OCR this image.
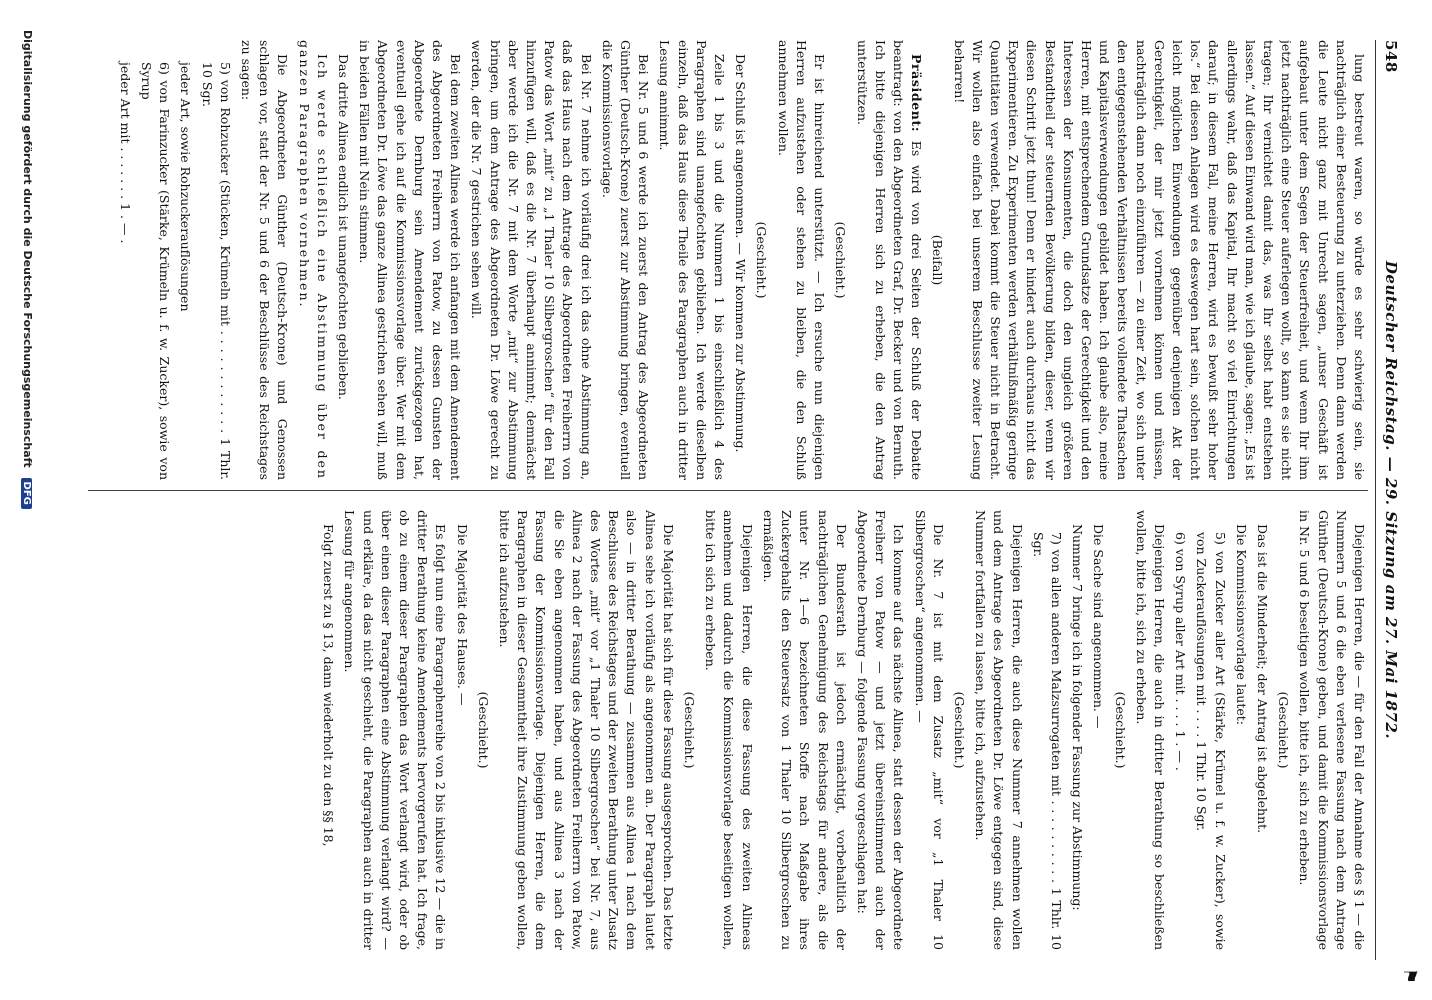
⚑
548
Deutscher Reichstag. — 29. Sitzung am 27. Mai 1872.

lung bestreut waren, so würde es sehr schwierig sein, sie nachträglich einer Besteuerung zu unterziehen. Denn dann werden die Leute nicht ganz mit Unrecht sagen, „unser Geschäft ist aufgebaut unter dem Segen der Steuerfreiheit, und wenn Ihr ihm jetzt nachträglich eine Steuer auferlegen wollt, so kann es sie nicht tragen; Ihr vernichtet damit das, was Ihr selbst habt entstehen lassen.“ Auf diesen Einwand wird man, wie ich glaube, sagen: „Es ist allerdings wahr, daß das Kapital, Ihr macht so viel Einrichtungen darauf; in diesem Fall, meine Herren, wird es bewußt sehr hoher los.“ Bei diesen Anlagen wird es deswegen hart sein, solchen nicht leicht möglichen Einwendungen gegenüber denjenigen Akt der Gerechtigkeit, der mir jetzt vornehmen können und müssen, nachträglich dann noch einzuführen — zu einer Zeit, wo sich unter den entgegenstehenden Verhältnissen bereits vollendete Thatsachen und Kapitalsverwendungen gebildet haben. Ich glaube also, meine Herren, mit entsprechendem Grundsatze der Gerechtigkeit und den Interessen der Konsumenten, die doch den ungleich größeren Bestandtheil der steuernden Bevölkerung bilden, dieser, wenn wir diesen Schritt jetzt thun! Denn er hindert auch durchaus nicht das Experimentieren. Zu Experimenten werden verhältnißmäßig geringe Quantitäten verwendet. Dabei kommt die Steuer nicht in Betracht. Wir wollen also einfach bei unserem Beschlusse zweiter Lesung beharren!

(Beifall)

Präsident: Es wird von drei Seiten der Schluß der Debatte beantragt: von den Abgeordneten Graf, Dr. Becker und von Bernuth. Ich bitte diejenigen Herren sich zu erheben, die den Antrag unterstützen.

(Geschieht.)

Er ist hinreichend unterstützt. — Ich ersuche nun diejenigen Herren aufzustehen oder stehen zu bleiben, die den Schluß annehmen wollen.

(Geschieht.)

Der Schluß ist angenommen. — Wir kommen zur Abstimmung.

Zeile 1 bis 3 und die Nummern 1 bis einschließlich 4 des Paragraphen sind unangefochten geblieben. Ich werde dieselben einzeln, daß das Haus diese Theile des Paragraphen auch in dritter Lesung annimmt.

Bei Nr. 5 und 6 werde ich zuerst den Antrag des Abgeordneten Günther (Deutsch-Krone) zuerst zur Abstimmung bringen, eventuell die Kommissionsvorlage.

Bei Nr. 7 nehme ich vorläufig drei ich das ohne Abstimmung an, daß das Haus nach dem Antrage des Abgeordneten Freiherrn von Patow das Wort „mit“ zu „1 Thaler 10 Silbergroschen“ für den Fall hinzufügen will, daß es die Nr. 7 überhaupt annimmt; demnächst aber werde ich die Nr. 7 mit dem Worte „mit“ zur Abstimmung bringen, um dem Antrage des Abgeordneten Dr. Löwe gerecht zu werden, der die Nr. 7 gestrichen sehen will.

Bei dem zweiten Alinea werde ich anfangen mit dem Amendement des Abgeordneten Freiherrn von Patow, zu dessen Gunsten der Abgeordnete Dernburg sein Amendement zurückgezogen hat, eventuell gehe ich auf die Kommissionsvorlage über. Wer mit dem Abgeordneten Dr. Löwe das ganze Alinea gestrichen sehen will, muß in beiden Fällen mit Nein stimmen.

Das dritte Alinea endlich ist unangefochten geblieben.

Ich werde schließlich eine Abstimmung über den ganzen Paragraphen vornehmen.

Die Abgeordneten Günther (Deutsch-Krone) und Genossen schlagen vor, statt der Nr. 5 und 6 der Beschlüsse des Reichstages zu sagen:

5) von Rohzucker (Stücken, Krümeln mit . . . . . . . . . . . . 1 Thlr. 10 Sgr.

jeder Art, sowie Rohzuckerauflösungen

6) von Farinzucker (Stärke, Krümeln u. f. w. Zucker), sowie von Syrup

jeder Art mit . . . . . . . 1 . — .

Diejenigen Herren, die — für den Fall der Annahme des § 1 — die Nummern 5 und 6 die eben verlesene Fassung nach dem Antrage Günther (Deutsch-Krone) geben, und damit die Kommissionsvorlage in Nr. 5 und 6 beseitigen wollen, bitte ich, sich zu erheben.

(Geschieht.)

Das ist die Minderheit; der Antrag ist abgelehnt.

Die Kommissionsvorlage lautet:

5) von Zucker aller Art (Stärke, Krümel u. f. w. Zucker), sowie von Zuckerauflösungen mit . . . . 1 Thlr. 10 Sgr.

6) von Syrup aller Art mit . . . . 1 . — .

Diejenigen Herren, die auch in dritter Berathung so beschließen wollen, bitte ich, sich zu erheben.

(Geschieht.)

Die Sache sind angenommen. —

Nummer 7 bringe ich in folgender Fassung zur Abstimmung:

7) von allen anderen Malzsurrogaten mit . . . . . . . . . . 1 Thlr. 10 Sgr.

Diejenigen Herren, die auch diese Nummer 7 annehmen wollen und dem Antrage des Abgeordneten Dr. Löwe entgegen sind, diese Nummer fortfallen zu lassen, bitte ich, aufzustehen.

(Geschieht.)

Die Nr. 7 ist mit dem Zusatz „mit“ vor „1 Thaler 10 Silbergroschen“ angenommen. —

Ich komme auf das nächste Alinea, statt dessen der Abgeordnete Freiherr von Patow — und jetzt übereinstimmend auch der Abgeordnete Dernburg — folgende Fassung vorgeschlagen hat:

Der Bundesrath ist jedoch ermächtigt, vorbehaltlich der nachträglichen Genehmigung des Reichstags für andere, als die unter Nr. 1—6 bezeichneten Stoffe nach Maßgabe ihres Zuckergehalts den Steuersatz von 1 Thaler 10 Silbergroschen zu ermäßigen.

Diejenigen Herren, die diese Fassung des zweiten Alineas annehmen und dadurch die Kommissionsvorlage beseitigen wollen, bitte ich sich zu erheben.

(Geschieht.)

Die Majorität hat sich für diese Fassung ausgesprochen. Das letzte Alinea sehe ich vorläufig als angenommen an. Der Paragraph lautet also — in dritter Berathung — zusammen aus Alinea 1 nach dem Beschlusse des Reichstages und der zweiten Berathung unter Zusatz des Wortes „mit“ vor „1 Thaler 10 Silbergroschen“ bei Nr. 7, aus Alinea 2 nach der Fassung des Abgeordneten Freiherrn von Patow, die Sie eben angenommen haben, und aus Alinea 3 nach der Fassung der Kommissionsvorlage. Diejenigen Herren, die dem Paragraphen in dieser Gesammtheit ihre Zustimmung geben wollen, bitte ich aufzustehen.

(Geschieht.)

Die Majorität des Hauses. —

Es folgt nun eine Paragraphenreihe von 2 bis inklusive 12 — die in dritter Berathung keine Amendements hervorgerufen hat. Ich frage, ob zu einem dieser Paragraphen das Wort verlangt wird, oder ob über einen dieser Paragraphen eine Abstimmung verlangt wird? — und erkläre, da das nicht geschieht, die Paragraphen auch in dritter Lesung für angenommen.

Folgt zuerst zu § 13, dann wiederholt zu den §§ 18,

Digitalisierung gefördert durch die Deutsche Forschungsgemeinschaft DFG
